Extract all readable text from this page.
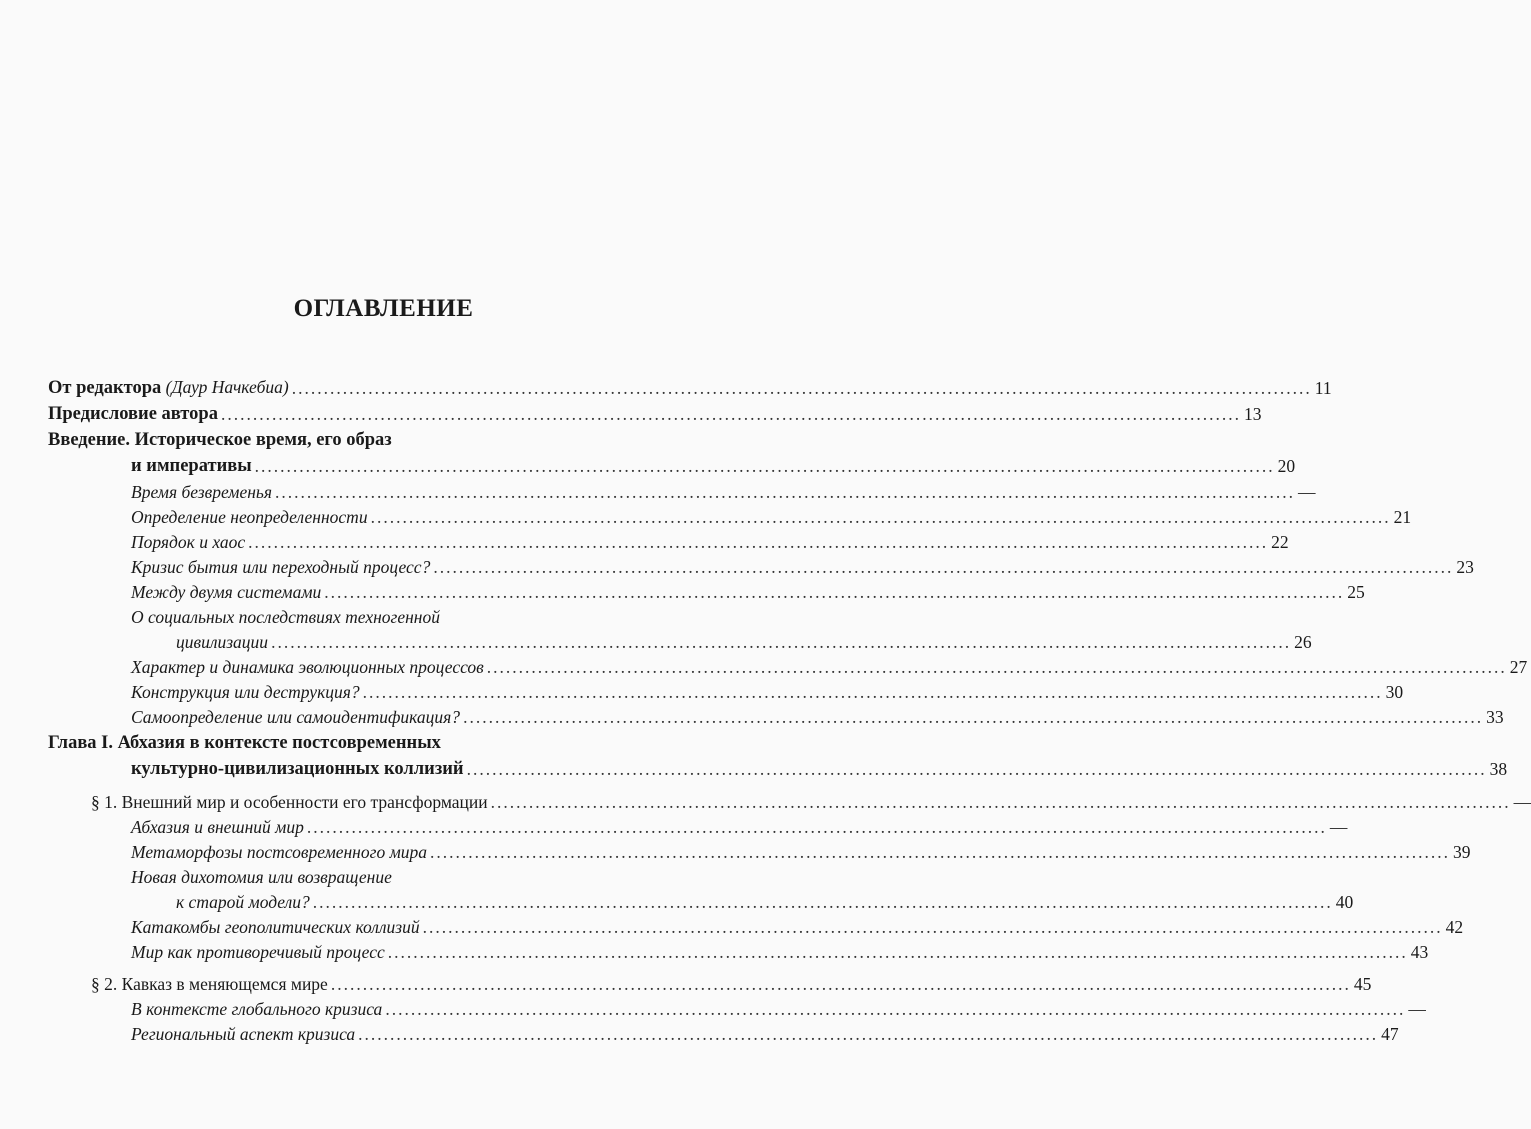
ОГЛАВЛЕНИЕ
От редактора (Даур Начкебиа) ................................................................................................................................................................ 11
Предисловие автора ................................................................................................................................................................ 13
Введение. Историческое время, его образ
и императивы ................................................................................................................................................................ 20
Время безвременья ................................................................................................................................................................ —
Определение неопределенности ................................................................................................................................................................ 21
Порядок и хаос ................................................................................................................................................................ 22
Кризис бытия или переходный процесс? ................................................................................................................................................................ 23
Между двумя системами ................................................................................................................................................................ 25
О социальных последствиях техногенной
цивилизации ................................................................................................................................................................ 26
Характер и динамика эволюционных процессов ................................................................................................................................................................ 27
Конструкция или деструкция? ................................................................................................................................................................ 30
Самоопределение или самоидентификация? ................................................................................................................................................................ 33
Глава I. Абхазия в контексте постсовременных
культурно-цивилизационных коллизий ................................................................................................................................................................ 38
§ 1. Внешний мир и особенности его трансформации ................................................................................................................................................................ —
Абхазия и внешний мир ................................................................................................................................................................ —
Метаморфозы постсовременного мира ................................................................................................................................................................ 39
Новая дихотомия или возвращение
к старой модели? ................................................................................................................................................................ 40
Катакомбы геополитических коллизий ................................................................................................................................................................ 42
Мир как противоречивый процесс ................................................................................................................................................................ 43
§ 2. Кавказ в меняющемся мире ................................................................................................................................................................ 45
В контексте глобального кризиса ................................................................................................................................................................ —
Региональный аспект кризиса ................................................................................................................................................................ 47
